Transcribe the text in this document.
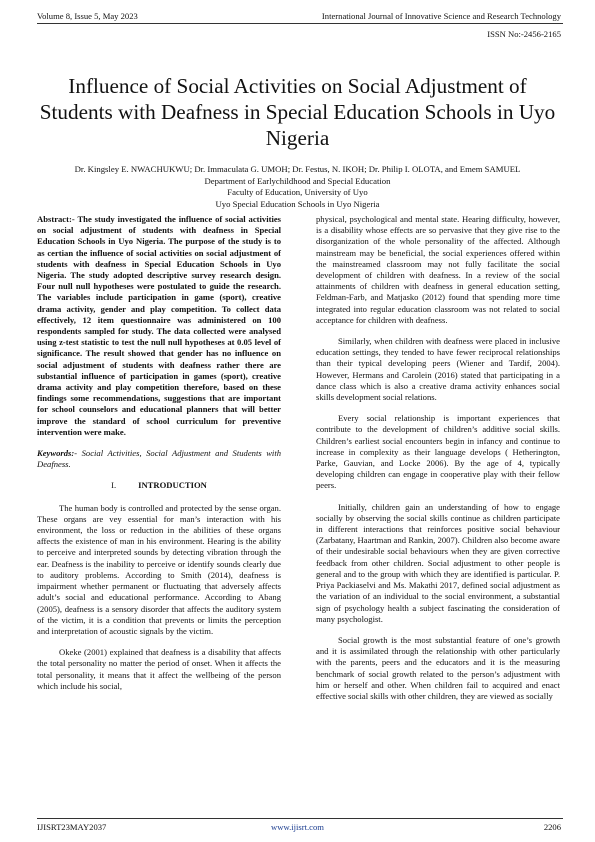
Volume 8, Issue 5, May 2023	International Journal of Innovative Science and Research Technology
ISSN No:-2456-2165
Influence of Social Activities on Social Adjustment of Students with Deafness in Special Education Schools in Uyo Nigeria
Dr. Kingsley E. NWACHUKWU; Dr. Immaculata G. UMOH; Dr. Festus, N. IKOH; Dr. Philip I. OLOTA, and Emem SAMUEL
Department of Earlychildhood and Special Education
Faculty of Education, University of Uyo
Uyo Special Education Schools in Uyo Nigeria

Abstract:- The study investigated the influence of social activities on social adjustment of students with deafness in Special Education Schools in Uyo Nigeria. The purpose of the study is to as certian the influence of social activities on social adjustment of students with deafness in Special Education Schools in Uyo Nigeria. The study adopted descriptive survey research design. Four null null hypotheses were postulated to guide the research. The variables include participation in game (sport), creative drama activity, gender and play competition. To collect data effectively, 12 item questionnaire was administered on 100 respondents sampled for study. The data collected were analysed using z-test statistic to test the null null hypotheses at 0.05 level of significance. The result showed that gender has no influence on social adjustment of students with deafness rather there are substantial influence of participation in games (sport), creative drama activity and play competition therefore, based on these findings some recommendations, suggestions that are important for school counselors and educational planners that will better improve the standard of school curriculum for preventive intervention were make.

Keywords:- Social Activities, Social Adjustment and Students with Deafness.

I.	INTRODUCTION

The human body is controlled and protected by the sense organ. These organs are vey essential for man’s interaction with his environment, the loss or reduction in the abilities of these organs affects the existence of man in his environment. Hearing is the ability to perceive and interpreted sounds by detecting vibration through the ear. Deafness is the inability to perceive or identify sounds clearly due to auditory problems. According to Smith (2014), deafness is impairment whether permanent or fluctuating that adversely affects adult’s social and educational performance. According to Abang (2005), deafness is a sensory disorder that affects the auditory system of the victim, it is a condition that prevents or limits the perception and interpretation of acoustic signals by the victim.

Okeke (2001) explained that deafness is a disability that affects the total personality no matter the period of onset. When it affects the total personality, it means that it affect the wellbeing of the person which include his social,

physical, psychological and mental state. Hearing difficulty, however, is a disability whose effects are so pervasive that they give rise to the disorganization of the whole personality of the affected. Although mainstream may be beneficial, the social experiences offered within the mainstreamed classroom may not fully facilitate the social development of children with deafness. In a review of the social attainments of children with deafness in general education setting, Feldman-Farb, and Matjasko (2012) found that spending more time integrated into regular education classroom was not related to social acceptance for children with deafness.

Similarly, when children with deafness were placed in inclusive education settings, they tended to have fewer reciprocal relationships than their typical developing peers (Wiener and Tardif, 2004). However, Hermans and Carolein (2016) stated that participating in a dance class which is also a creative drama activity enhances social skills development social relations.

Every social relationship is important experiences that contribute to the development of children’s additive social skills. Children’s earliest social encounters begin in infancy and continue to increase in complexity as their language develops ( Hetherington, Parke, Gauvian, and Locke 2006). By the age of 4, typically developing children can engage in cooperative play with their fellow peers.

Initially, children gain an understanding of how to engage socially by observing the social skills continue as children participate in different interactions that reinforces positive social behaviour (Zarbatany, Haartman and Rankin, 2007). Children also become aware of their undesirable social behaviours when they are given corrective feedback from other children. Social adjustment to other people is general and to the group with which they are identified is particular. P. Priya Packiaselvi and Ms. Makathi 2017, defined social adjustment as the variation of an individual to the social environment, a substantial sign of psychology health a subject fascinating the consideration of many psychologist.

Social growth is the most substantial feature of one’s growth and it is assimilated through the relationship with other particularly with the parents, peers and the educators and it is the measuring benchmark of social growth related to the person’s adjustment with him or herself and other. When children fail to acquired and enact effective social skills with other children, they are viewed as socially

IJISRT23MAY2037	www.ijisrt.com	2206
